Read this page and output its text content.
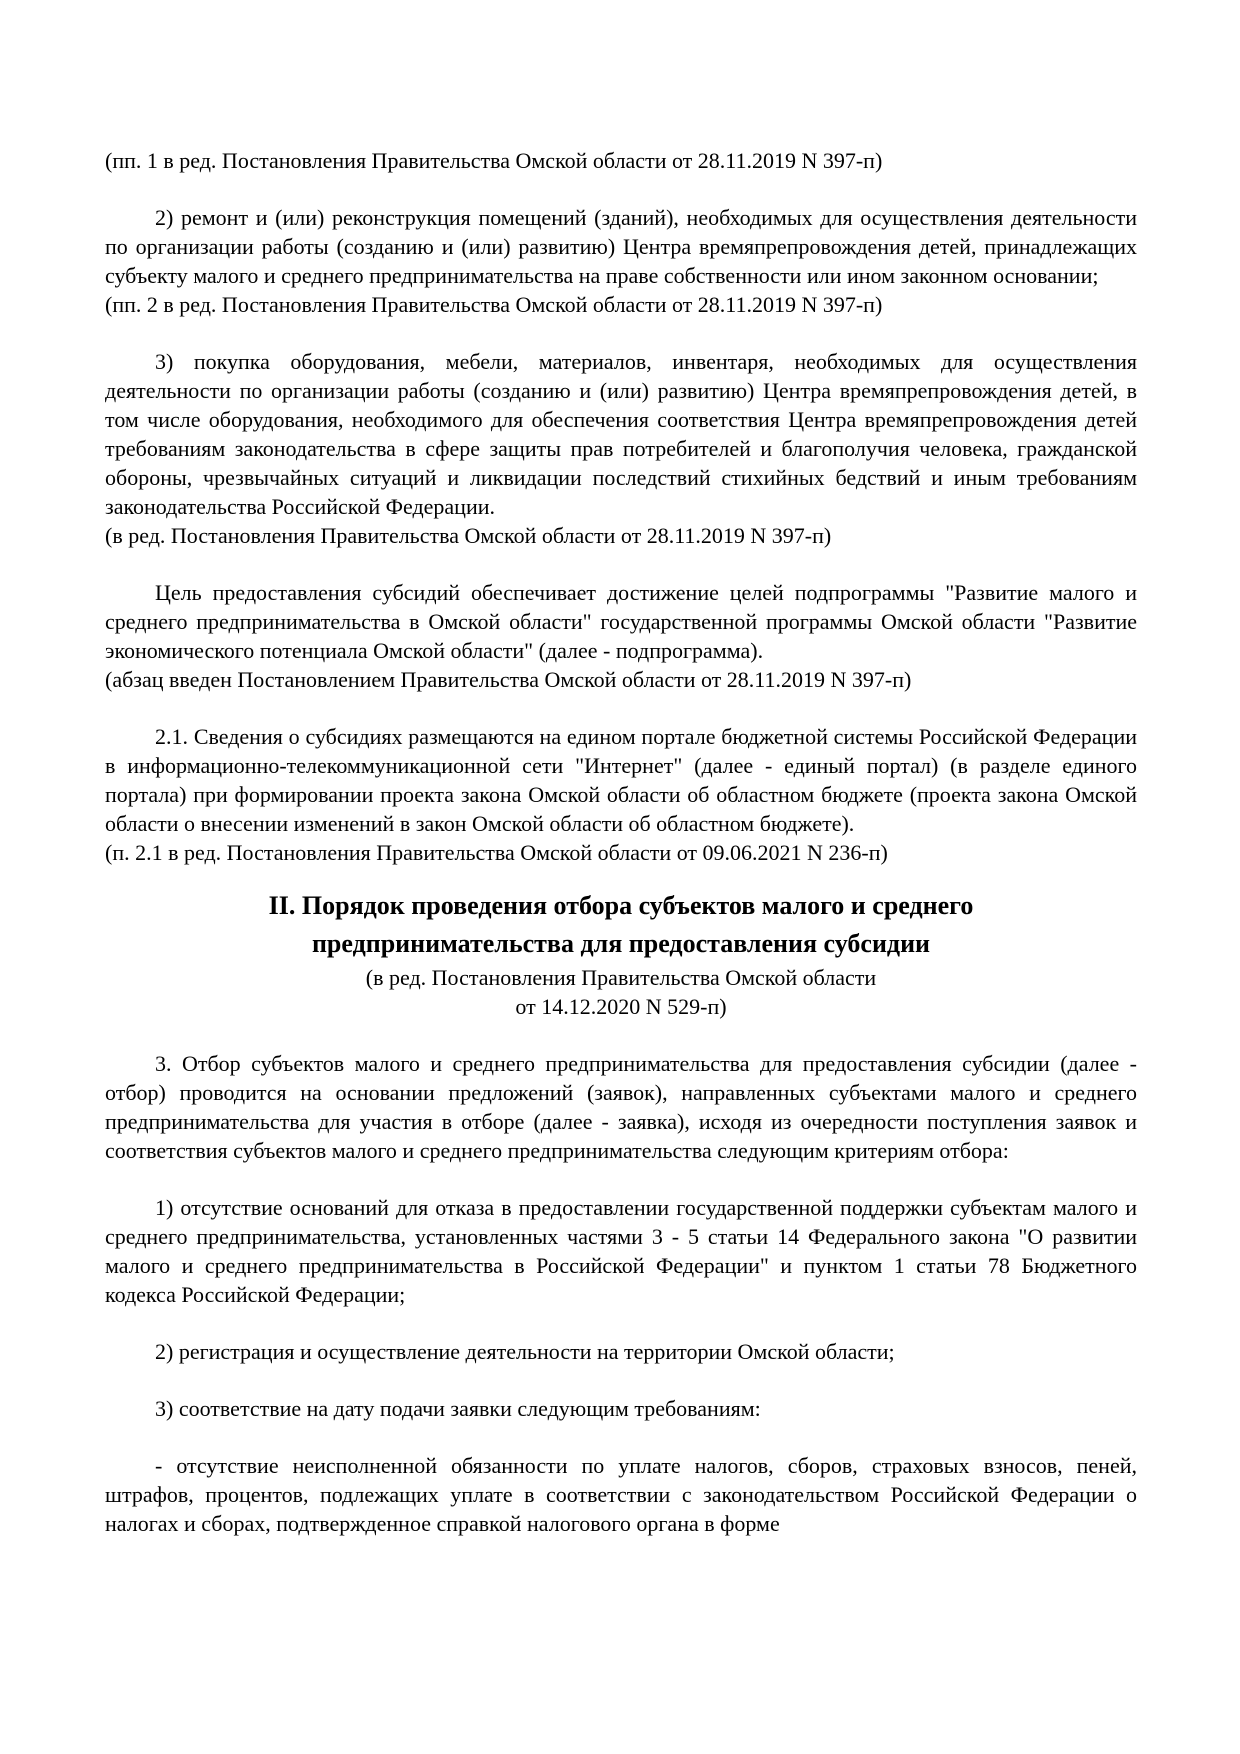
(пп. 1 в ред. Постановления Правительства Омской области от 28.11.2019 N 397-п)

2) ремонт и (или) реконструкция помещений (зданий), необходимых для осуществления деятельности по организации работы (созданию и (или) развитию) Центра времяпрепровождения детей, принадлежащих субъекту малого и среднего предпринимательства на праве собственности или ином законном основании;

(пп. 2 в ред. Постановления Правительства Омской области от 28.11.2019 N 397-п)

3) покупка оборудования, мебели, материалов, инвентаря, необходимых для осуществления деятельности по организации работы (созданию и (или) развитию) Центра времяпрепровождения детей, в том числе оборудования, необходимого для обеспечения соответствия Центра времяпрепровождения детей требованиям законодательства в сфере защиты прав потребителей и благополучия человека, гражданской обороны, чрезвычайных ситуаций и ликвидации последствий стихийных бедствий и иным требованиям законодательства Российской Федерации.

(в ред. Постановления Правительства Омской области от 28.11.2019 N 397-п)

Цель предоставления субсидий обеспечивает достижение целей подпрограммы "Развитие малого и среднего предпринимательства в Омской области" государственной программы Омской области "Развитие экономического потенциала Омской области" (далее - подпрограмма).

(абзац введен Постановлением Правительства Омской области от 28.11.2019 N 397-п)

2.1. Сведения о субсидиях размещаются на едином портале бюджетной системы Российской Федерации в информационно-телекоммуникационной сети "Интернет" (далее - единый портал) (в разделе единого портала) при формировании проекта закона Омской области об областном бюджете (проекта закона Омской области о внесении изменений в закон Омской области об областном бюджете).

(п. 2.1 в ред. Постановления Правительства Омской области от 09.06.2021 N 236-п)

II. Порядок проведения отбора субъектов малого и среднего предпринимательства для предоставления субсидии

(в ред. Постановления Правительства Омской области

от 14.12.2020 N 529-п)

3. Отбор субъектов малого и среднего предпринимательства для предоставления субсидии (далее - отбор) проводится на основании предложений (заявок), направленных субъектами малого и среднего предпринимательства для участия в отборе (далее - заявка), исходя из очередности поступления заявок и соответствия субъектов малого и среднего предпринимательства следующим критериям отбора:

1) отсутствие оснований для отказа в предоставлении государственной поддержки субъектам малого и среднего предпринимательства, установленных частями 3 - 5 статьи 14 Федерального закона "О развитии малого и среднего предпринимательства в Российской Федерации" и пунктом 1 статьи 78 Бюджетного кодекса Российской Федерации;

2) регистрация и осуществление деятельности на территории Омской области;

3) соответствие на дату подачи заявки следующим требованиям:

- отсутствие неисполненной обязанности по уплате налогов, сборов, страховых взносов, пеней, штрафов, процентов, подлежащих уплате в соответствии с законодательством Российской Федерации о налогах и сборах, подтвержденное справкой налогового органа в форме
